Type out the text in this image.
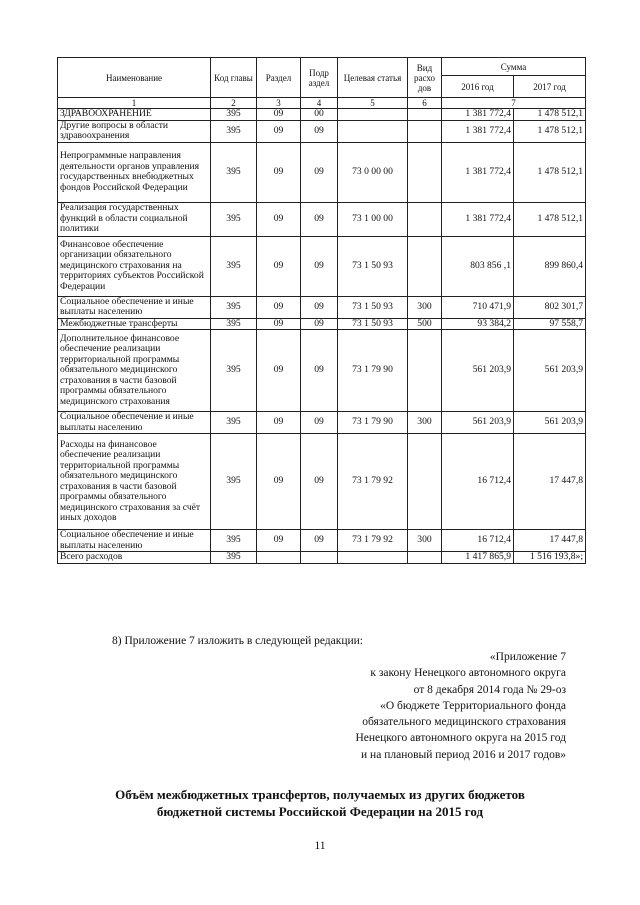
Наименование	Код главы	Раздел	Подр аздел	Целевая статья	Вид расхо дов	Сумма	
						2016 год	2017 год
1	2	3	4	5	6	7	
ЗДРАВООХРАНЕНИЕ	395	09	00			1 381 772,4	1 478 512,1
Другие вопросы в области здравоохранения	395	09	09			1 381 772,4	1 478 512,1
Непрограммные направления деятельности органов управления государственных внебюджетных фондов Российской Федерации	395	09	09	73 0 00 00		1 381 772,4	1 478 512,1
Реализация государственных функций в области социальной политики	395	09	09	73 1 00 00		1 381 772,4	1 478 512,1
Финансовое обеспечение организации обязательного медицинского страхования на территориях субъектов Российской Федерации	395	09	09	73 1 50 93		803 856 ,1	899 860,4
Социальное обеспечение и иные выплаты населению	395	09	09	73 1 50 93	300	710 471,9	802 301,7
Межбюджетные трансферты	395	09	09	73 1 50 93	500	93 384,2	97 558,7
Дополнительное финансовое обеспечение реализации территориальной программы обязательного медицинского страхования в части базовой программы обязательного медицинского страхования	395	09	09	73 1 79 90		561 203,9	561 203,9
Социальное обеспечение и иные выплаты населению	395	09	09	73 1 79 90	300	561 203,9	561 203,9
Расходы на финансовое обеспечение реализации территориальной программы обязательного медицинского страхования в части базовой программы обязательного медицинского страхования за счёт иных доходов	395	09	09	73 1 79 92		16 712,4	17 447,8
Социальное обеспечение и иные выплаты населению	395	09	09	73 1 79 92	300	16 712,4	17 447,8
Всего расходов	395					1 417 865,9	1 516 193,8»;
8) Приложение 7 изложить в следующей редакции:
«Приложение 7
к закону Ненецкого автономного округа
от 8 декабря 2014 года № 29-оз
«О бюджете Территориального фонда
обязательного медицинского страхования
Ненецкого автономного округа на 2015 год
и на плановый период 2016 и 2017 годов»
Объём межбюджетных трансфертов, получаемых из других бюджетов
бюджетной системы Российской Федерации на 2015 год
11
